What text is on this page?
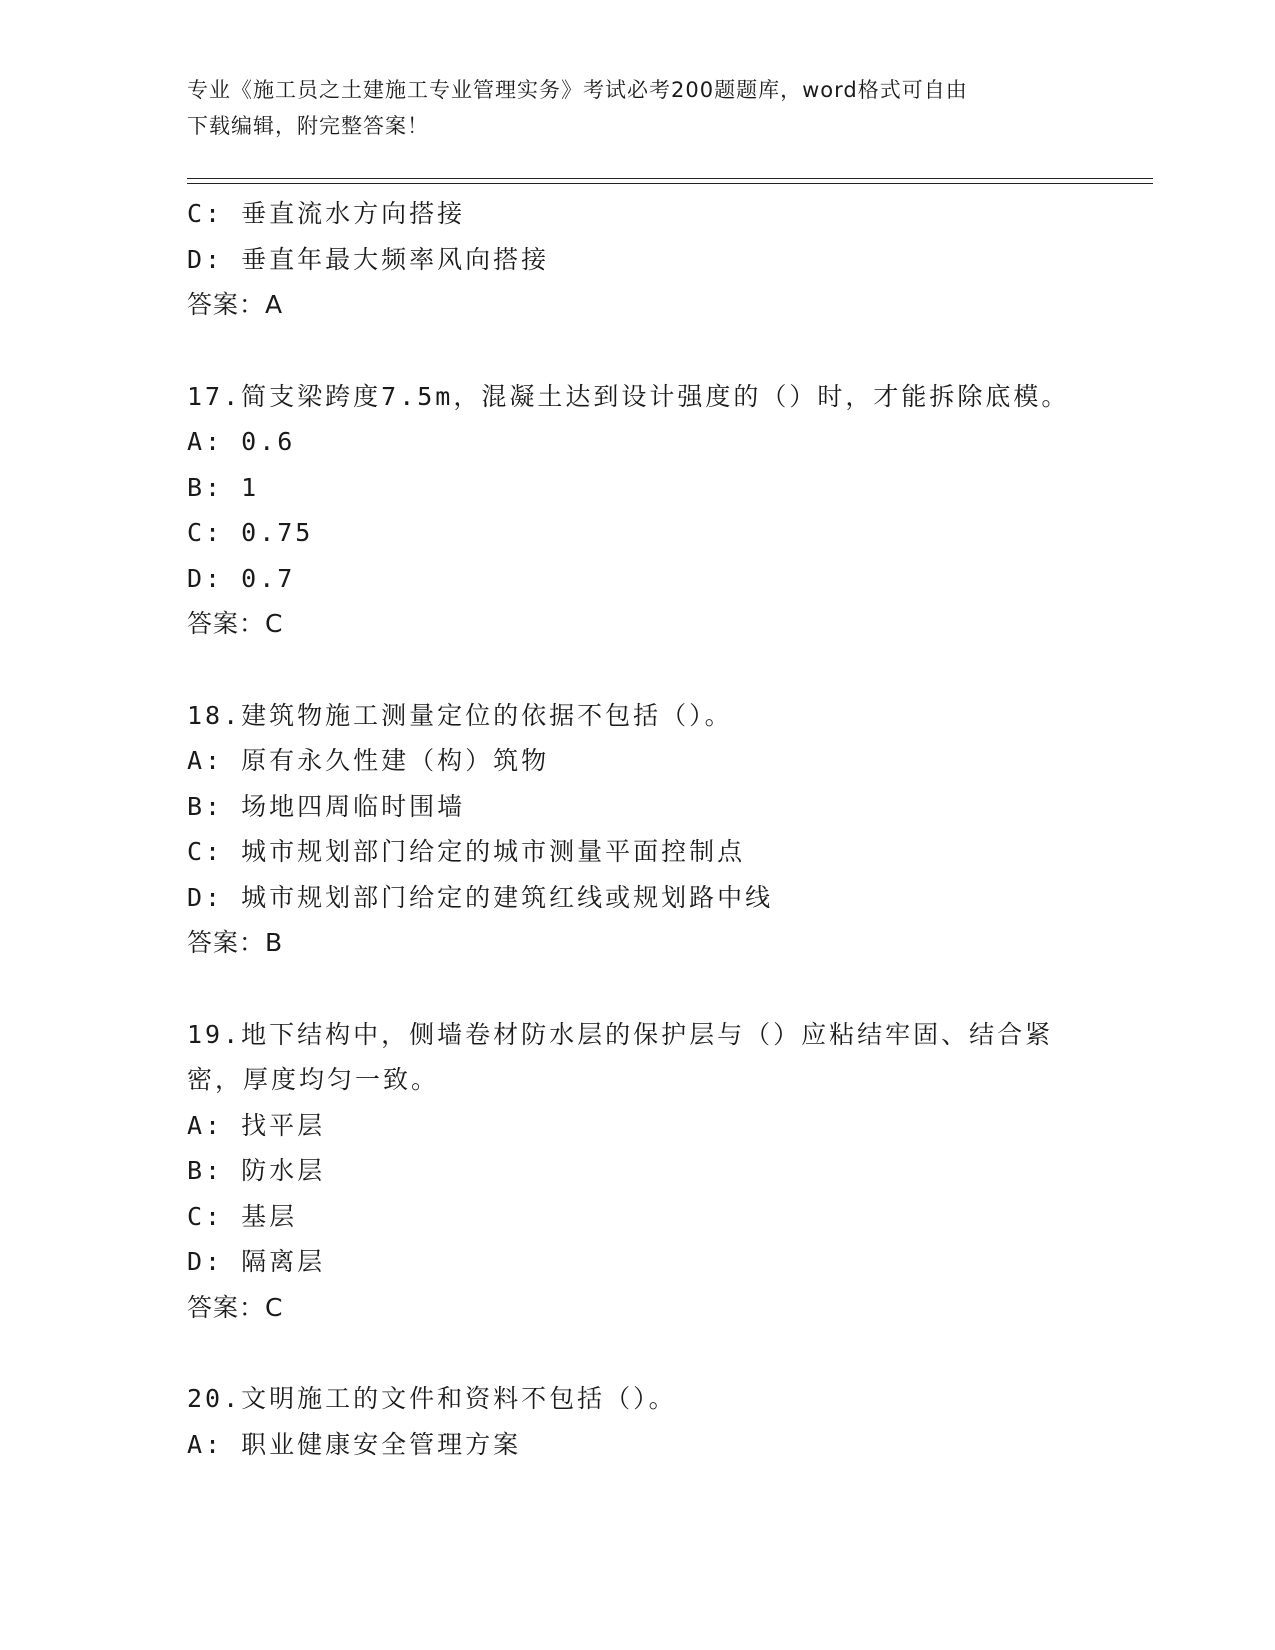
专业《施工员之土建施工专业管理实务》考试必考200题题库，word格式可自由
下载编辑，附完整答案！
C: 垂直流水方向搭接
D: 垂直年最大频率风向搭接
答案：A
17.简支梁跨度7.5m，混凝土达到设计强度的（）时，才能拆除底模。
A: 0.6
B: 1
C: 0.75
D: 0.7
答案：C
18.建筑物施工测量定位的依据不包括（）。
A: 原有永久性建（构）筑物
B: 场地四周临时围墙
C: 城市规划部门给定的城市测量平面控制点
D: 城市规划部门给定的建筑红线或规划路中线
答案：B
19.地下结构中，侧墙卷材防水层的保护层与（）应粘结牢固、结合紧
密，厚度均匀一致。
A: 找平层
B: 防水层
C: 基层
D: 隔离层
答案：C
20.文明施工的文件和资料不包括（）。
A: 职业健康安全管理方案
